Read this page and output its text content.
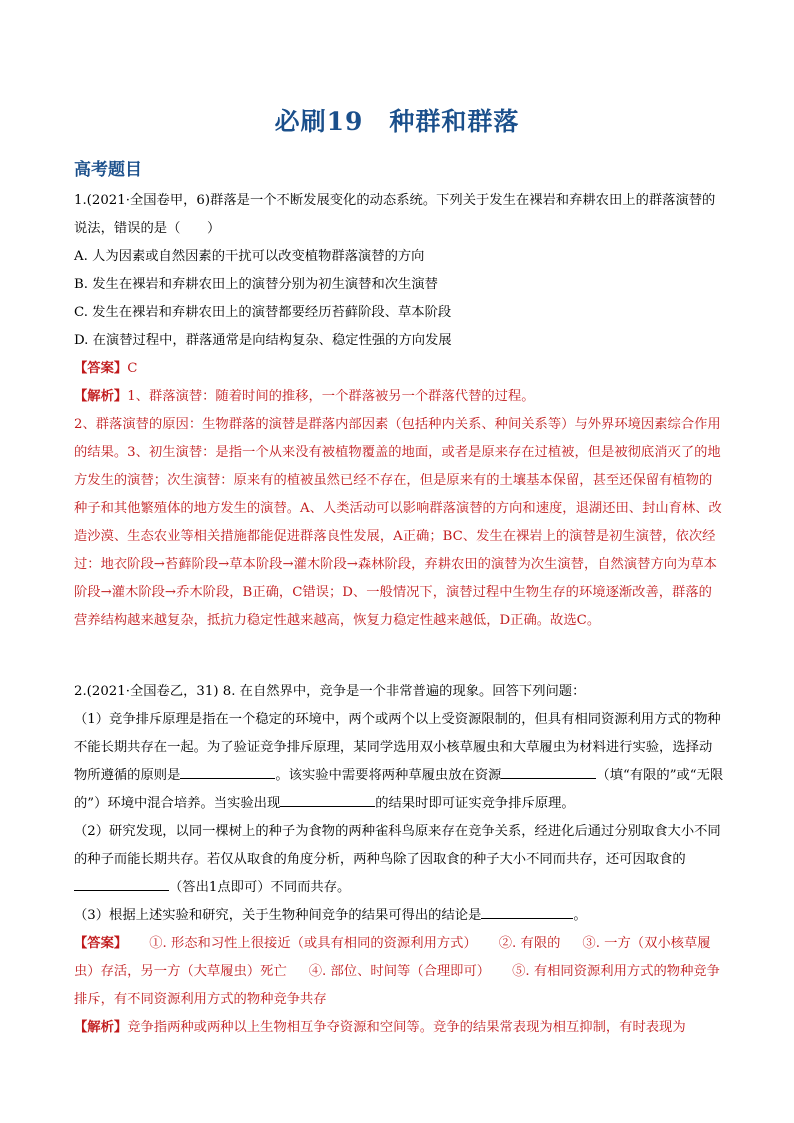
必刷19　种群和群落
高考题目

1.(2021·全国卷甲，6)群落是一个不断发展变化的动态系统。下列关于发生在裸岩和弃耕农田上的群落演替的说法，错误的是（　　）

A. 人为因素或自然因素的干扰可以改变植物群落演替的方向

B. 发生在裸岩和弃耕农田上的演替分别为初生演替和次生演替

C. 发生在裸岩和弃耕农田上的演替都要经历苔藓阶段、草本阶段

D. 在演替过程中，群落通常是向结构复杂、稳定性强的方向发展

【答案】C

【解析】1、群落演替：随着时间的推移，一个群落被另一个群落代替的过程。

2、群落演替的原因：生物群落的演替是群落内部因素（包括种内关系、种间关系等）与外界环境因素综合作用的结果。3、初生演替：是指一个从来没有被植物覆盖的地面，或者是原来存在过植被，但是被彻底消灭了的地方发生的演替；次生演替：原来有的植被虽然已经不存在，但是原来有的土壤基本保留，甚至还保留有植物的种子和其他繁殖体的地方发生的演替。A、人类活动可以影响群落演替的方向和速度，退湖还田、封山育林、改造沙漠、生态农业等相关措施都能促进群落良性发展，A正确；BC、发生在裸岩上的演替是初生演替，依次经过：地衣阶段→苔藓阶段→草本阶段→灌木阶段→森林阶段，弃耕农田的演替为次生演替，自然演替方向为草本阶段→灌木阶段→乔木阶段，B正确，C错误；D、一般情况下，演替过程中生物生存的环境逐渐改善，群落的营养结构越来越复杂，抵抗力稳定性越来越高，恢复力稳定性越来越低，D正确。故选C。

2.(2021·全国卷乙，31) 8. 在自然界中，竞争是一个非常普遍的现象。回答下列问题：

（1）竞争排斥原理是指在一个稳定的环境中，两个或两个以上受资源限制的，但具有相同资源利用方式的物种不能长期共存在一起。为了验证竞争排斥原理，某同学选用双小核草履虫和大草履虫为材料进行实验，选择动物所遵循的原则是	。该实验中需要将两种草履虫放在资源	（填“有限的”或“无限的”）环境中混合培养。当实验出现	的结果时即可证实竞争排斥原理。

（2）研究发现，以同一棵树上的种子为食物的两种雀科鸟原来存在竞争关系，经进化后通过分别取食大小不同的种子而能长期共存。若仅从取食的角度分析，两种鸟除了因取食的种子大小不同而共存，还可因取食的（答出1点即可）不同而共存。

（3）根据上述实验和研究，关于生物种间竞争的结果可得出的结论是	。

【答案】 ①. 形态和习性上很接近（或具有相同的资源利用方式） ②. 有限的 ③. 一方（双小核草履虫）存活，另一方（大草履虫）死亡 ④. 部位、时间等（合理即可） ⑤. 有相同资源利用方式的物种竞争排斥，有不同资源利用方式的物种竞争共存

【解析】竞争指两种或两种以上生物相互争夺资源和空间等。竞争的结果常表现为相互抑制，有时表现为
